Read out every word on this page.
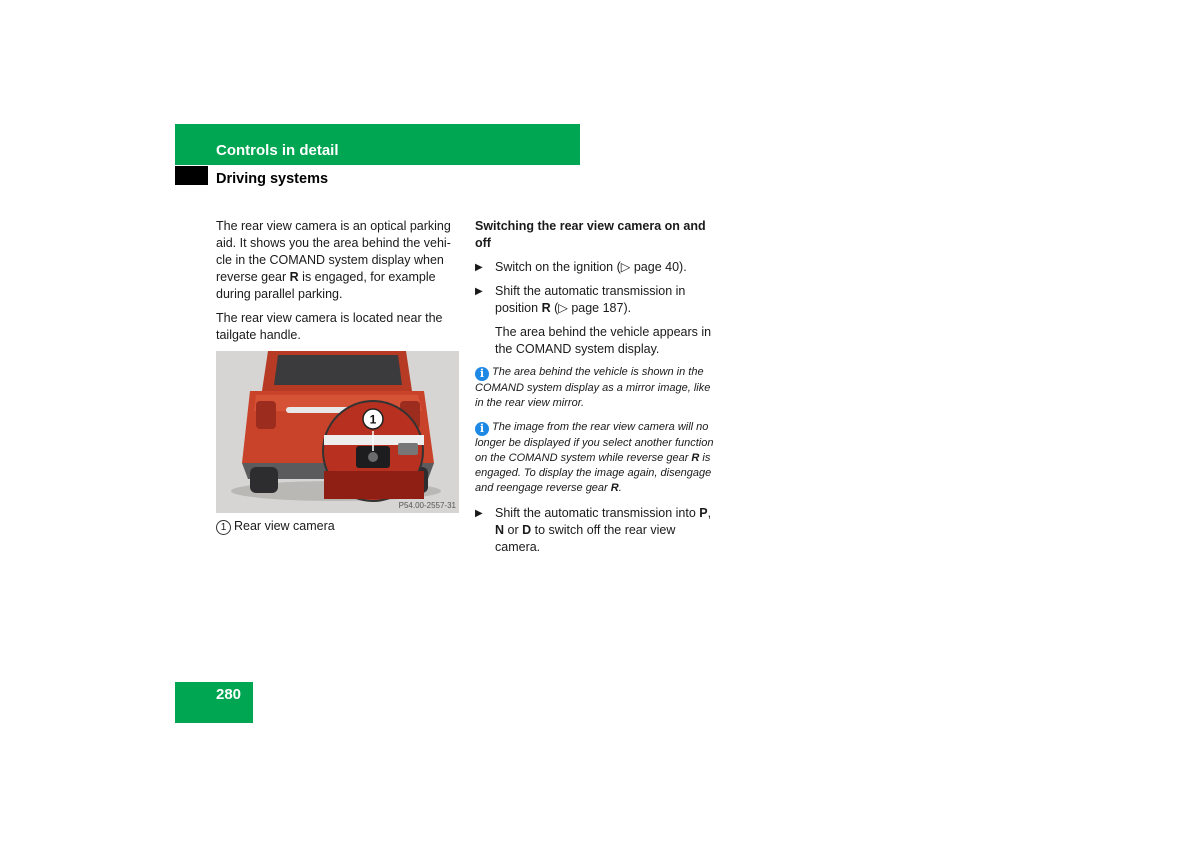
Controls in detail
Driving systems

The rear view camera is an optical parking aid. It shows you the area behind the vehi-cle in the COMAND system display when reverse gear R is engaged, for example during parallel parking.

The rear view camera is located near the tailgate handle.

1
P54.00-2557-31

1 Rear view camera

Switching the rear view camera on and off

▶ Switch on the ignition (▷ page 40).
▶ Shift the automatic transmission in position R (▷ page 187).

The area behind the vehicle appears in the COMAND system display.

i The area behind the vehicle is shown in the COMAND system display as a mirror image, like in the rear view mirror.

i The image from the rear view camera will no longer be displayed if you select another function on the COMAND system while reverse gear R is engaged. To display the image again, disengage and reengage reverse gear R.

▶ Shift the automatic transmission into P, N or D to switch off the rear view camera.
280
